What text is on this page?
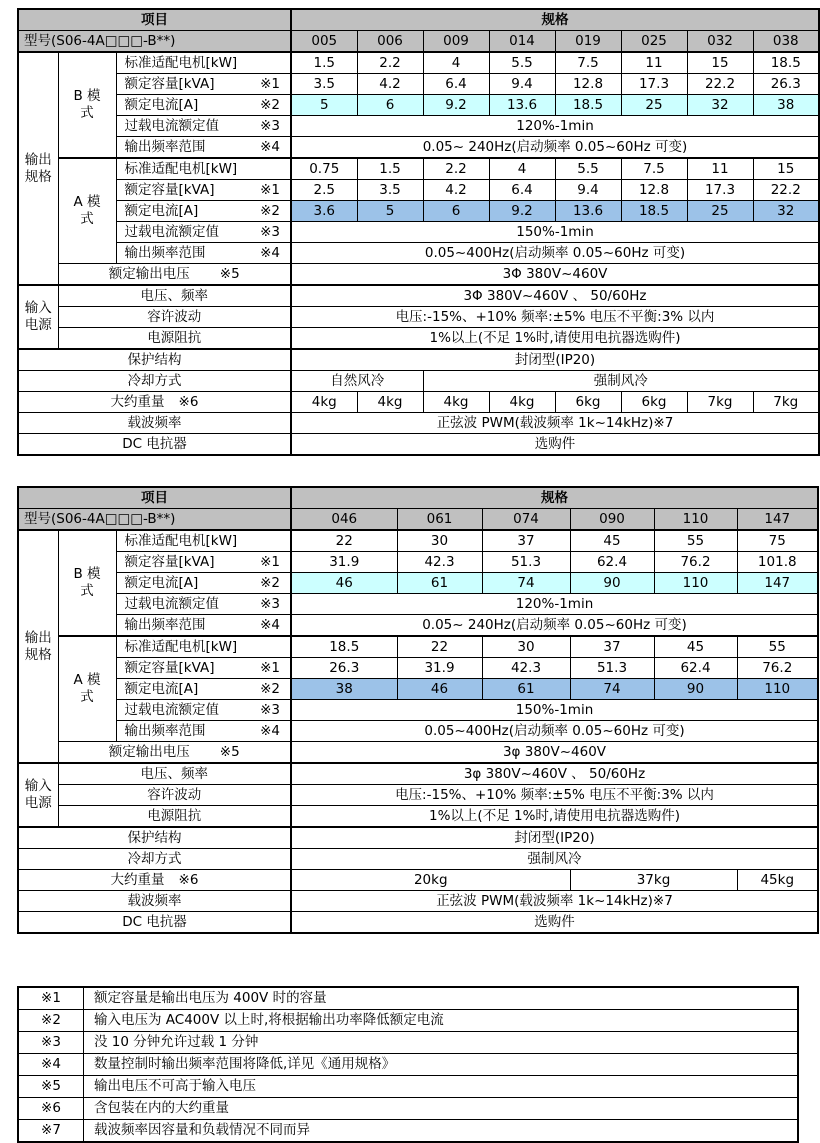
项目			规格							
型号(S06-4A□□□-B**)			005	006	009	014	019	025	032	038
输出规格	B 模式	标准适配电机[kW]	1.5	2.2	4	5.5	7.5	11	15	18.5

		额定容量[kVA] ※1	3.5	4.2	6.4	9.4	12.8	17.3	22.2	26.3

		额定电流[A] ※2	5	6	9.2	13.6	18.5	25	32	38

		过载电流额定值 ※3	120%-1min							

		输出频率范围 ※4	0.05~ 240Hz(启动频率 0.05~60Hz 可变)							
	A 模式	标准适配电机[kW]	0.75	1.5	2.2	4	5.5	7.5	11	15

		额定容量[kVA] ※1	2.5	3.5	4.2	6.4	9.4	12.8	17.3	22.2

		额定电流[A] ※2	3.6	5	6	9.2	13.6	18.5	25	32

		过载电流额定值 ※3	150%-1min							

		输出频率范围 ※4	0.05~400Hz(启动频率 0.05~60Hz 可变)							

	额定输出电压 ※5		3Φ 380V~460V							
输入电源	电压、频率		3Φ 380V~460V 、 50/60Hz							
	容许波动		电压:-15%、+10% 频率:±5% 电压不平衡:3% 以内							
	电源阻抗		1%以上(不足 1%时,请使用电抗器选购件)							
保护结构			封闭型(IP20)							
冷却方式			自然风冷		强制风冷					

大约重量 ※6			4kg	4kg	4kg	4kg	6kg	6kg	7kg	7kg
载波频率			正弦波 PWM(载波频率 1k~14kHz)※7							
DC 电抗器			选购件							
项目			规格					
型号(S06-4A□□□-B**)			046	061	074	090	110	147
输出规格	B 模式	标准适配电机[kW]	22	30	37	45	55	75

		额定容量[kVA] ※1	31.9	42.3	51.3	62.4	76.2	101.8

		额定电流[A] ※2	46	61	74	90	110	147

		过载电流额定值 ※3	120%-1min					

		输出频率范围 ※4	0.05~ 240Hz(启动频率 0.05~60Hz 可变)					
	A 模式	标准适配电机[kW]	18.5	22	30	37	45	55

		额定容量[kVA] ※1	26.3	31.9	42.3	51.3	62.4	76.2

		额定电流[A] ※2	38	46	61	74	90	110

		过载电流额定值 ※3	150%-1min					

		输出频率范围 ※4	0.05~400Hz(启动频率 0.05~60Hz 可变)					

	额定输出电压 ※5		3φ 380V~460V					
输入电源	电压、频率		3φ 380V~460V 、 50/60Hz					
	容许波动		电压:-15%、+10% 频率:±5% 电压不平衡:3% 以内					
	电源阻抗		1%以上(不足 1%时,请使用电抗器选购件)					
保护结构			封闭型(IP20)					
冷却方式			强制风冷					

大约重量 ※6			20kg			37kg		45kg
载波频率			正弦波 PWM(载波频率 1k~14kHz)※7					
DC 电抗器			选购件					
※1	额定容量是输出电压为 400V 时的容量
※2	输入电压为 AC400V 以上时,将根据输出功率降低额定电流
※3	没 10 分钟允许过载 1 分钟
※4	数量控制时输出频率范围将降低,详见《通用规格》
※5	输出电压不可高于输入电压
※6	含包装在内的大约重量
※7	载波频率因容量和负载情况不同而异
